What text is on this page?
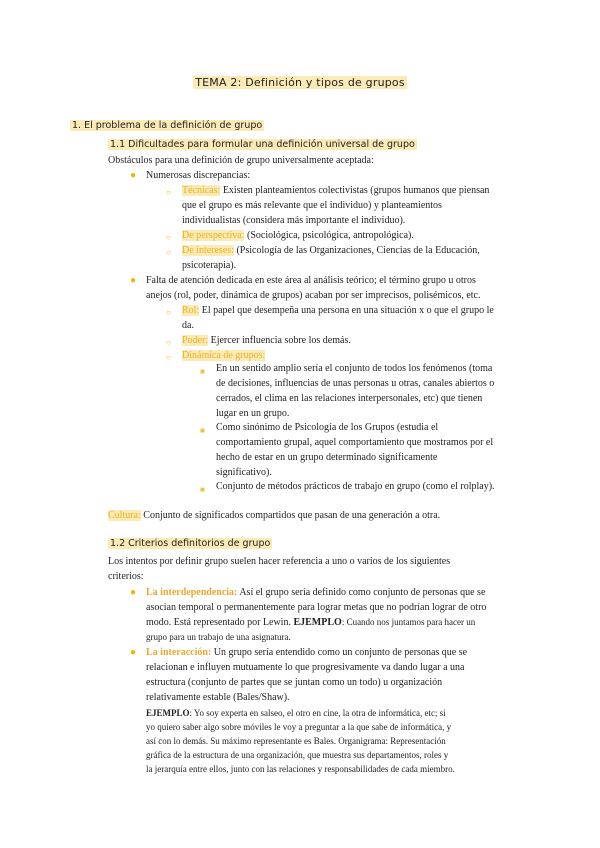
TEMA 2: Definición y tipos de grupos
1. El problema de la definición de grupo
1.1 Dificultades para formular una definición universal de grupo
Obstáculos para una definición de grupo universalmente aceptada:
● Numerosas discrepancias:
○ Técnicas: Existen planteamientos colectivistas (grupos humanos que piensan
que el grupo es más relevante que el individuo) y planteamientos
individualistas (considera más importante el individuo).
○ De perspectiva: (Sociológica, psicológica, antropológica).
○ De intereses: (Psicología de las Organizaciones, Ciencias de la Educación,
psicoterapia).
● Falta de atención dedicada en este área al análisis teórico; el término grupo u otros
anejos (rol, poder, dinámica de grupos) acaban por ser imprecisos, polisémicos, etc.
○ Rol: El papel que desempeña una persona en una situación x o que el grupo le
da.
○ Poder: Ejercer influencia sobre los demás.
○ Dinámica de grupos:
■ En un sentido amplio sería el conjunto de todos los fenómenos (toma
de decisiones, influencias de unas personas u otras, canales abiertos o
cerrados, el clima en las relaciones interpersonales, etc) que tienen
lugar en un grupo.
■ Como sinónimo de Psicología de los Grupos (estudia el
comportamiento grupal, aquel comportamiento que mostramos por el
hecho de estar en un grupo determinado significamente
significativo).
■ Conjunto de métodos prácticos de trabajo en grupo (como el rolplay).
Cultura: Conjunto de significados compartidos que pasan de una generación a otra.
1.2 Criterios definitorios de grupo
Los intentos por definir grupo suelen hacer referencia a uno o varios de los siguientes
criterios:
● La interdependencia: Así el grupo sería definido como conjunto de personas que se
asocian temporal o permanentemente para lograr metas que no podrían lograr de otro
modo. Está representado por Lewin. EJEMPLO: Cuando nos juntamos para hacer un
grupo para un trabajo de una asignatura.
● La interacción: Un grupo sería entendido como un conjunto de personas que se
relacionan e influyen mutuamente lo que progresivamente va dando lugar a una
estructura (conjunto de partes que se juntan como un todo) u organización
relativamente estable (Bales/Shaw).
EJEMPLO: Yo soy experta en salseo, el otro en cine, la otra de informática, etc; si
yo quiero saber algo sobre móviles le voy a preguntar a la que sabe de informática, y
así con lo demás. Su máximo representante es Bales. Organigrama: Representación
gráfica de la estructura de una organización, que muestra sus departamentos, roles y
la jerarquía entre ellos, junto con las relaciones y responsabilidades de cada miembro.
